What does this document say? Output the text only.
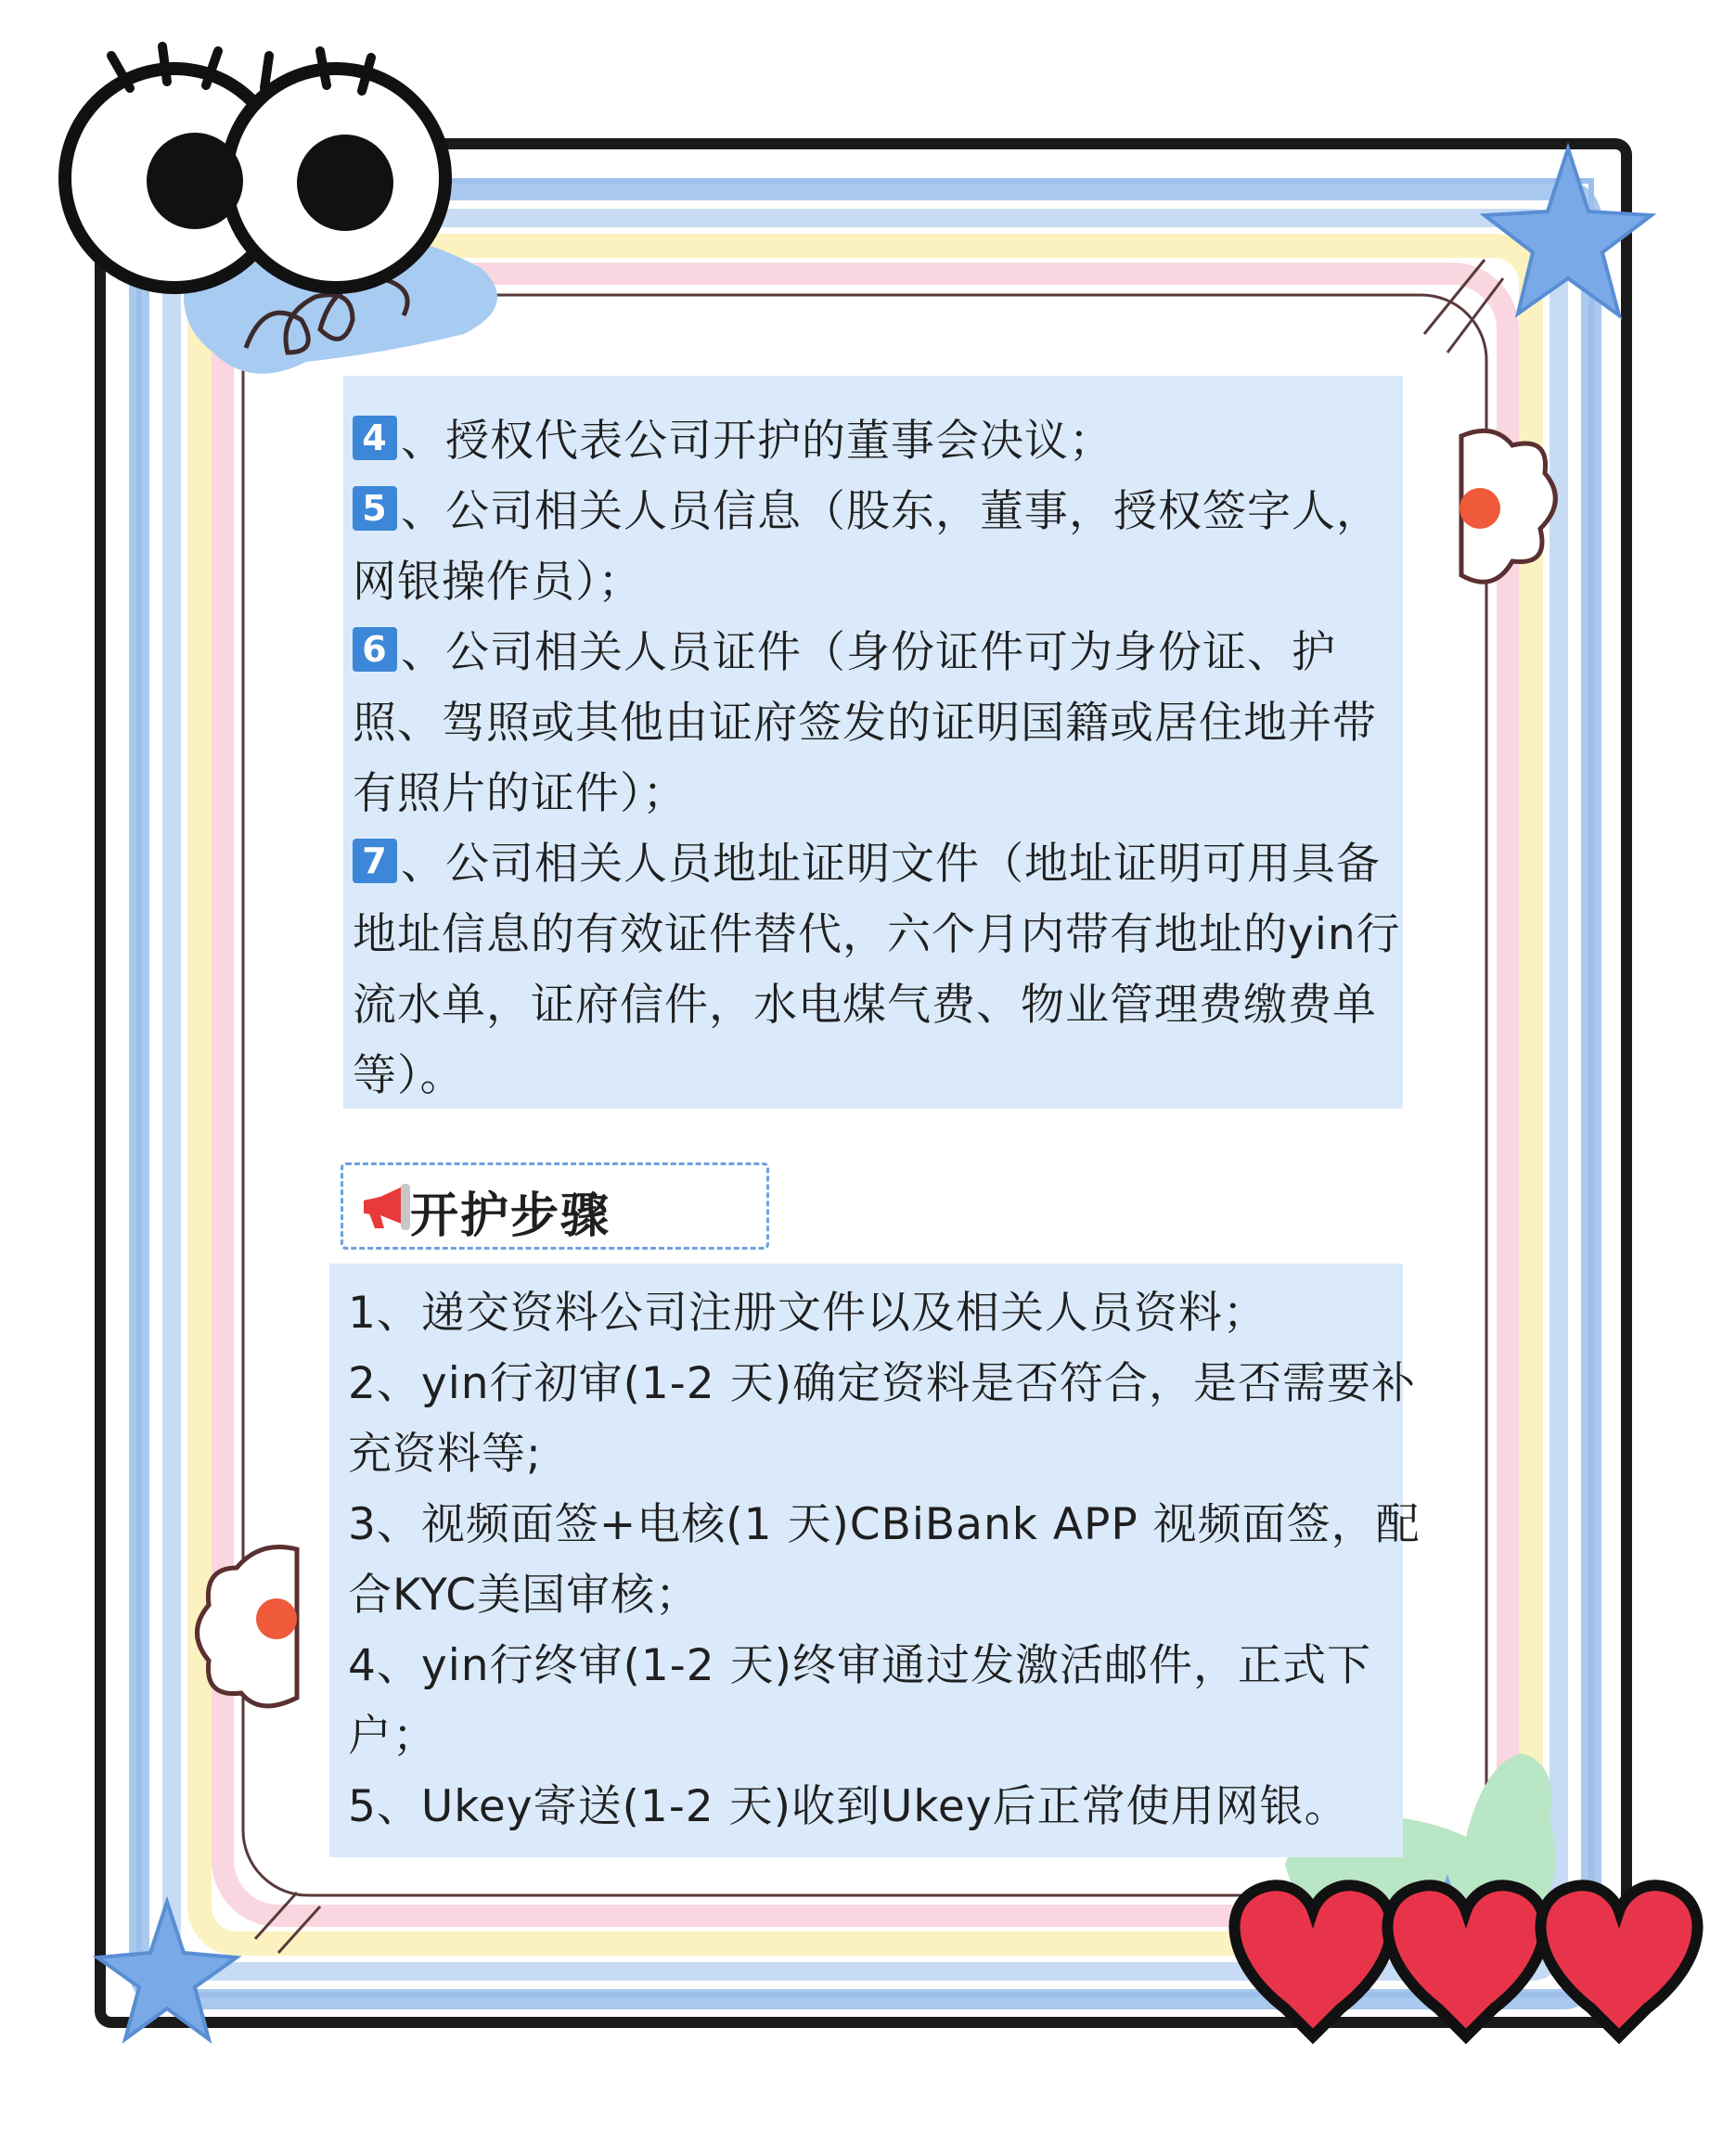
4 、授权代表公司开护的董事会决议；
5 、公司相关人员信息（股东，董事，授权签字人，
网银操作员）；
6 、公司相关人员证件（身份证件可为身份证、护
照、驾照或其他由证府签发的证明国籍或居住地并带
有照片的证件）；
7 、公司相关人员地址证明文件（地址证明可用具备
地址信息的有效证件替代，六个月内带有地址的yin行
流水单，证府信件，水电煤气费、物业管理费缴费单
等）。
开护步骤
1、递交资料公司注册文件以及相关人员资料；
2、yin行初审(1-2 天)确定资料是否符合，是否需要补
充资料等;
3、视频面签+电核(1 天)CBiBank APP 视频面签，配
合KYC美国审核；
4、yin行终审(1-2 天)终审通过发激活邮件，正式下
户；
5、Ukey寄送(1-2 天)收到Ukey后正常使用网银。
